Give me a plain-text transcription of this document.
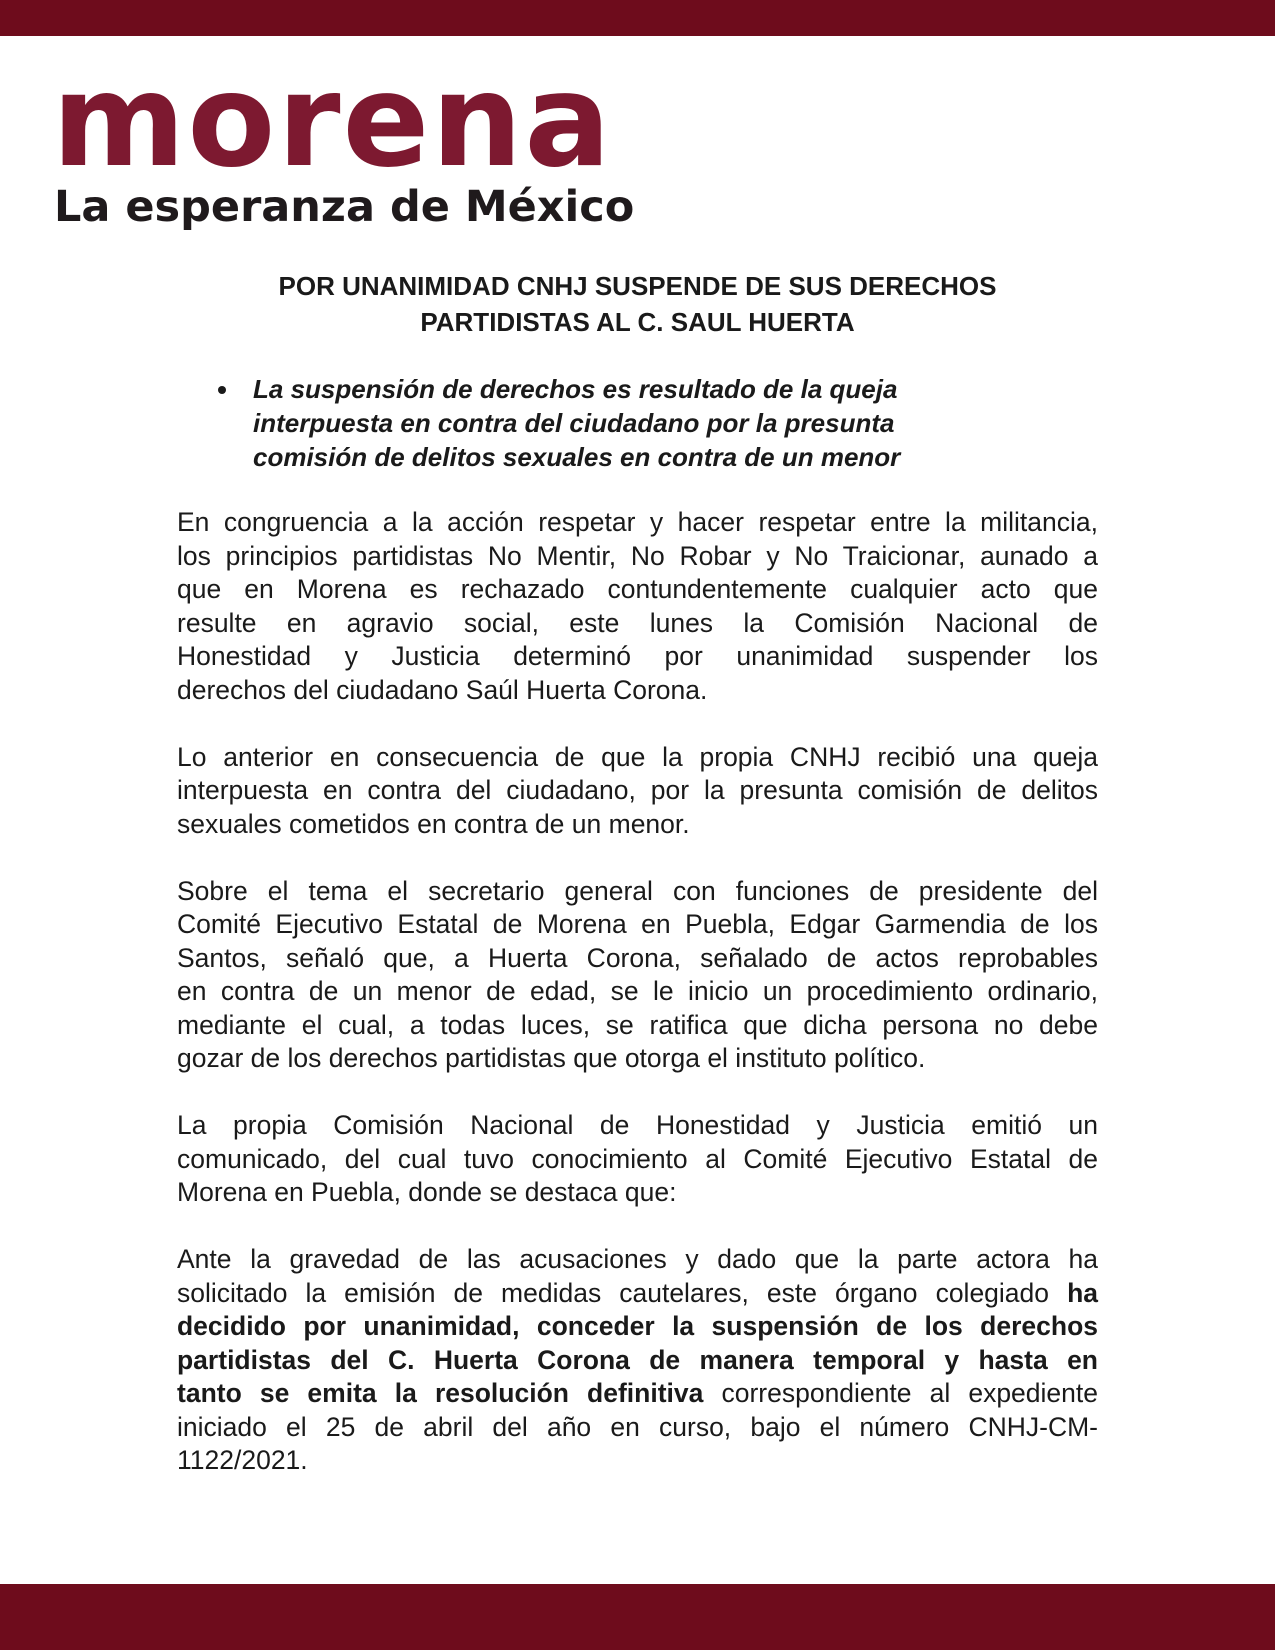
morena
La esperanza de México
POR UNANIMIDAD CNHJ SUSPENDE DE SUS DERECHOS
PARTIDISTAS AL C. SAUL HUERTA

La suspensión de derechos es resultado de la queja
interpuesta en contra del ciudadano por la presunta
comisión de delitos sexuales en contra de un menor

En congruencia a la acción respetar y hacer respetar entre la militancia,
los principios partidistas No Mentir, No Robar y No Traicionar, aunado a
que en Morena es rechazado contundentemente cualquier acto que
resulte en agravio social, este lunes la Comisión Nacional de
Honestidad y Justicia determinó por unanimidad suspender los
derechos del ciudadano Saúl Huerta Corona.

Lo anterior en consecuencia de que la propia CNHJ recibió una queja
interpuesta en contra del ciudadano, por la presunta comisión de delitos
sexuales cometidos en contra de un menor.

Sobre el tema el secretario general con funciones de presidente del
Comité Ejecutivo Estatal de Morena en Puebla, Edgar Garmendia de los
Santos, señaló que, a Huerta Corona, señalado de actos reprobables
en contra de un menor de edad, se le inicio un procedimiento ordinario,
mediante el cual, a todas luces, se ratifica que dicha persona no debe
gozar de los derechos partidistas que otorga el instituto político.

La propia Comisión Nacional de Honestidad y Justicia emitió un
comunicado, del cual tuvo conocimiento al Comité Ejecutivo Estatal de
Morena en Puebla, donde se destaca que:

Ante la gravedad de las acusaciones y dado que la parte actora ha
solicitado la emisión de medidas cautelares, este órgano colegiado ha
decidido por unanimidad, conceder la suspensión de los derechos
partidistas del C. Huerta Corona de manera temporal y hasta en
tanto se emita la resolución definitiva correspondiente al expediente
iniciado el 25 de abril del año en curso, bajo el número CNHJ-CM-
1122/2021.
